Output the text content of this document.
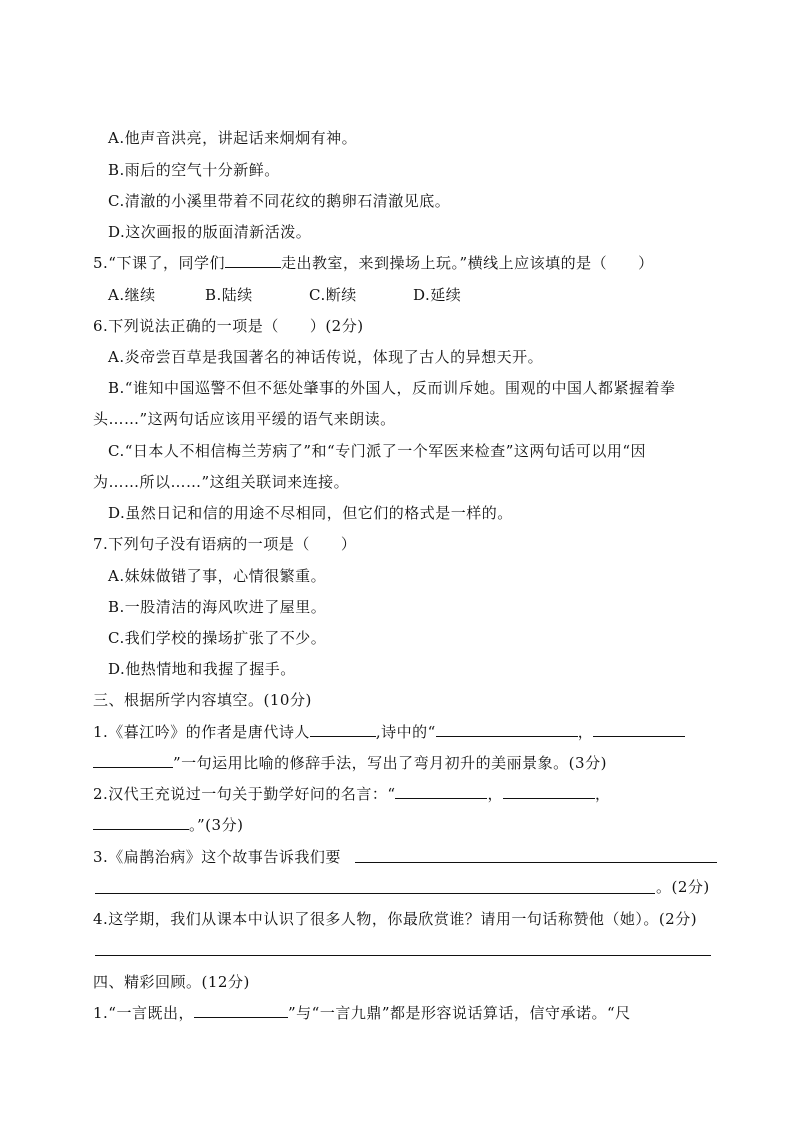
A.他声音洪亮，讲起话来炯炯有神。
B.雨后的空气十分新鲜。
C.清澈的小溪里带着不同花纹的鹅卵石清澈见底。
D.这次画报的版面清新活泼。
5.“下课了，同学们	走出教室，来到操场上玩。”横线上应该填的是（　　）
A.继续	B.陆续	C.断续	D.延续
6.下列说法正确的一项是（　　）(2分)
A.炎帝尝百草是我国著名的神话传说，体现了古人的异想天开。
B.“谁知中国巡警不但不惩处肇事的外国人，反而训斥她。围观的中国人都紧握着拳
头……”这两句话应该用平缓的语气来朗读。
C.“日本人不相信梅兰芳病了”和“专门派了一个军医来检查”这两句话可以用“因
为……所以……”这组关联词来连接。
D.虽然日记和信的用途不尽相同，但它们的格式是一样的。
7.下列句子没有语病的一项是（　　）
A.妹妹做错了事，心情很繁重。
B.一股清洁的海风吹进了屋里。
C.我们学校的操场扩张了不少。
D.他热情地和我握了握手。
三、根据所学内容填空。(10分)
1.《暮江吟》的作者是唐代诗人	,诗中的“	，
”一句运用比喻的修辞手法，写出了弯月初升的美丽景象。(3分)
2.汉代王充说过一句关于勤学好问的名言：“	，	，
。”(3分)
3.《扁鹊治病》这个故事告诉我们要
。(2分)
4.这学期，我们从课本中认识了很多人物，你最欣赏谁？请用一句话称赞他（她）。(2分)
四、精彩回顾。(12分)
1.“一言既出，	”与“一言九鼎”都是形容说话算话，信守承诺。“尺
